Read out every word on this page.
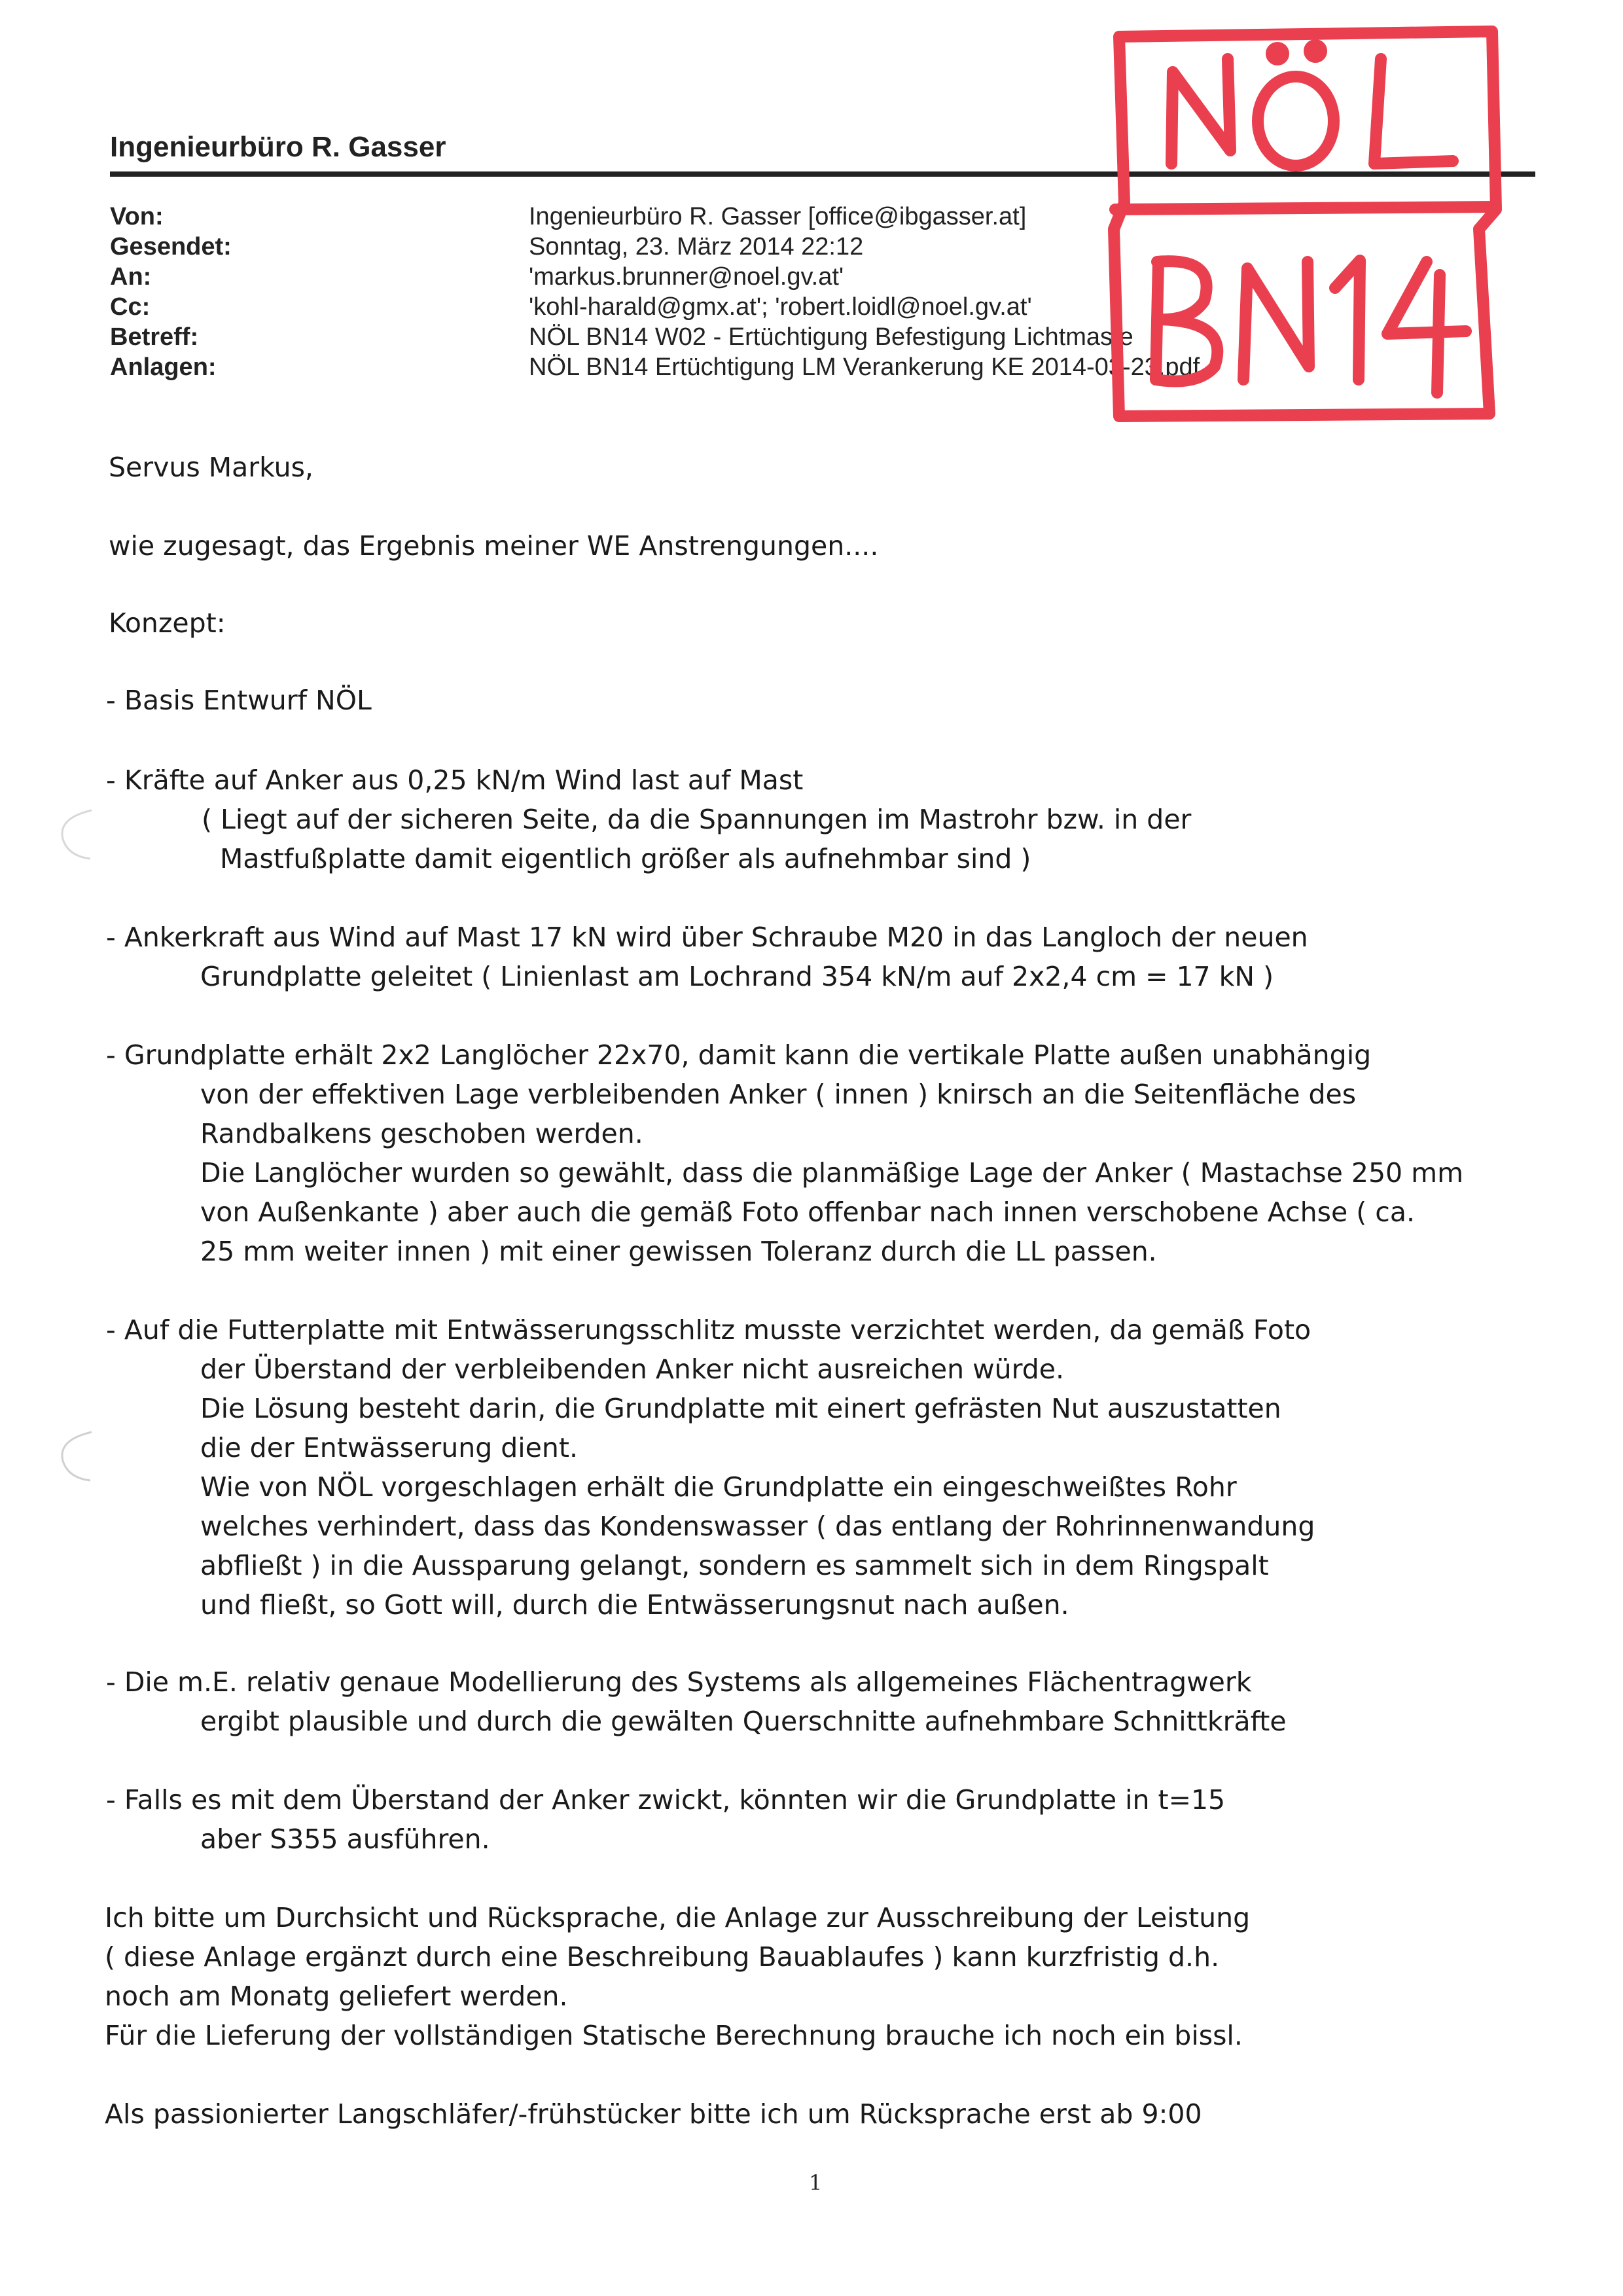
Ingenieurbüro R. Gasser
Von:	Ingenieurbüro R. Gasser [office@ibgasser.at]
Gesendet:	Sonntag, 23. März 2014 22:12
An:	'markus.brunner@noel.gv.at'
Cc:	'kohl-harald@gmx.at'; 'robert.loidl@noel.gv.at'
Betreff:	NÖL BN14 W02 - Ertüchtigung Befestigung Lichtmaste
Anlagen:	NÖL BN14 Ertüchtigung LM Verankerung KE 2014-03-23.pdf
Servus Markus,
wie zugesagt, das Ergebnis meiner WE Anstrengungen....
Konzept:
- Basis Entwurf NÖL
- Kräfte auf Anker aus 0,25 kN/m Wind last auf Mast
( Liegt auf der sicheren Seite, da die Spannungen im Mastrohr bzw. in der
Mastfußplatte damit eigentlich größer als aufnehmbar sind )
- Ankerkraft aus Wind auf Mast 17 kN wird über Schraube M20 in das Langloch der neuen
Grundplatte geleitet ( Linienlast am Lochrand 354 kN/m auf 2x2,4 cm = 17 kN )
- Grundplatte erhält 2x2 Langlöcher 22x70, damit kann die vertikale Platte außen unabhängig
von der effektiven Lage verbleibenden Anker ( innen ) knirsch an die Seitenfläche des
Randbalkens geschoben werden.
Die Langlöcher wurden so gewählt, dass die planmäßige Lage der Anker ( Mastachse 250 mm
von Außenkante ) aber auch die gemäß Foto offenbar nach innen verschobene Achse ( ca.
25 mm weiter innen ) mit einer gewissen Toleranz durch die LL passen.
- Auf die Futterplatte mit Entwässerungsschlitz musste verzichtet werden, da gemäß Foto
der Überstand der verbleibenden Anker nicht ausreichen würde.
Die Lösung besteht darin, die Grundplatte mit einert gefrästen Nut auszustatten
die der Entwässerung dient.
Wie von NÖL vorgeschlagen erhält die Grundplatte ein eingeschweißtes Rohr
welches verhindert, dass das Kondenswasser ( das entlang der Rohrinnenwandung
abfließt ) in die Aussparung gelangt, sondern es sammelt sich in dem Ringspalt
und fließt, so Gott will, durch die Entwässerungsnut nach außen.
- Die m.E. relativ genaue Modellierung des Systems als allgemeines Flächentragwerk
ergibt plausible und durch die gewälten Querschnitte aufnehmbare Schnittkräfte
- Falls es mit dem Überstand der Anker zwickt, könnten wir die Grundplatte in t=15
aber S355 ausführen.
Ich bitte um Durchsicht und Rücksprache, die Anlage zur Ausschreibung der Leistung
( diese Anlage ergänzt durch eine Beschreibung Bauablaufes ) kann kurzfristig d.h.
noch am Monatg geliefert werden.
Für die Lieferung der vollständigen Statische Berechnung brauche ich noch ein bissl.
Als passionierter Langschläfer/-frühstücker bitte ich um Rücksprache erst ab 9:00
1
